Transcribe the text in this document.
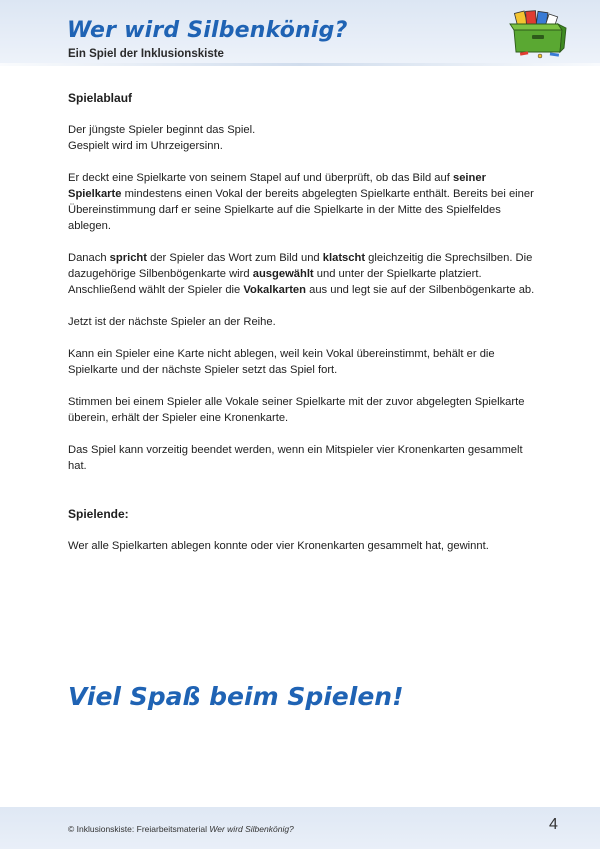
Wer wird Silbenkönig?
Ein Spiel der Inklusionskiste
Spielablauf

Der jüngste Spieler beginnt das Spiel.
Gespielt wird im Uhrzeigersinn.

Er deckt eine Spielkarte von seinem Stapel auf und überprüft, ob das Bild auf seiner Spielkarte mindestens einen Vokal der bereits abgelegten Spielkarte enthält. Bereits bei einer Übereinstimmung darf er seine Spielkarte auf die Spielkarte in der Mitte des Spielfeldes ablegen.

Danach spricht der Spieler das Wort zum Bild und klatscht gleichzeitig die Sprechsilben. Die dazugehörige Silbenbögenkarte wird ausgewählt und unter der Spielkarte platziert. Anschließend wählt der Spieler die Vokalkarten aus und legt sie auf der Silbenbögenkarte ab.

Jetzt ist der nächste Spieler an der Reihe.

Kann ein Spieler eine Karte nicht ablegen, weil kein Vokal übereinstimmt, behält er die Spielkarte und der nächste Spieler setzt das Spiel fort.

Stimmen bei einem Spieler alle Vokale seiner Spielkarte mit der zuvor abgelegten Spielkarte überein, erhält der Spieler eine Kronenkarte.

Das Spiel kann vorzeitig beendet werden, wenn ein Mitspieler vier Kronenkarten gesammelt hat.

Spielende:

Wer alle Spielkarten ablegen konnte oder vier Kronenkarten gesammelt hat, gewinnt.

Viel Spaß beim Spielen!
© Inklusionskiste: Freiarbeitsmaterial Wer wird Silbenkönig?	4
